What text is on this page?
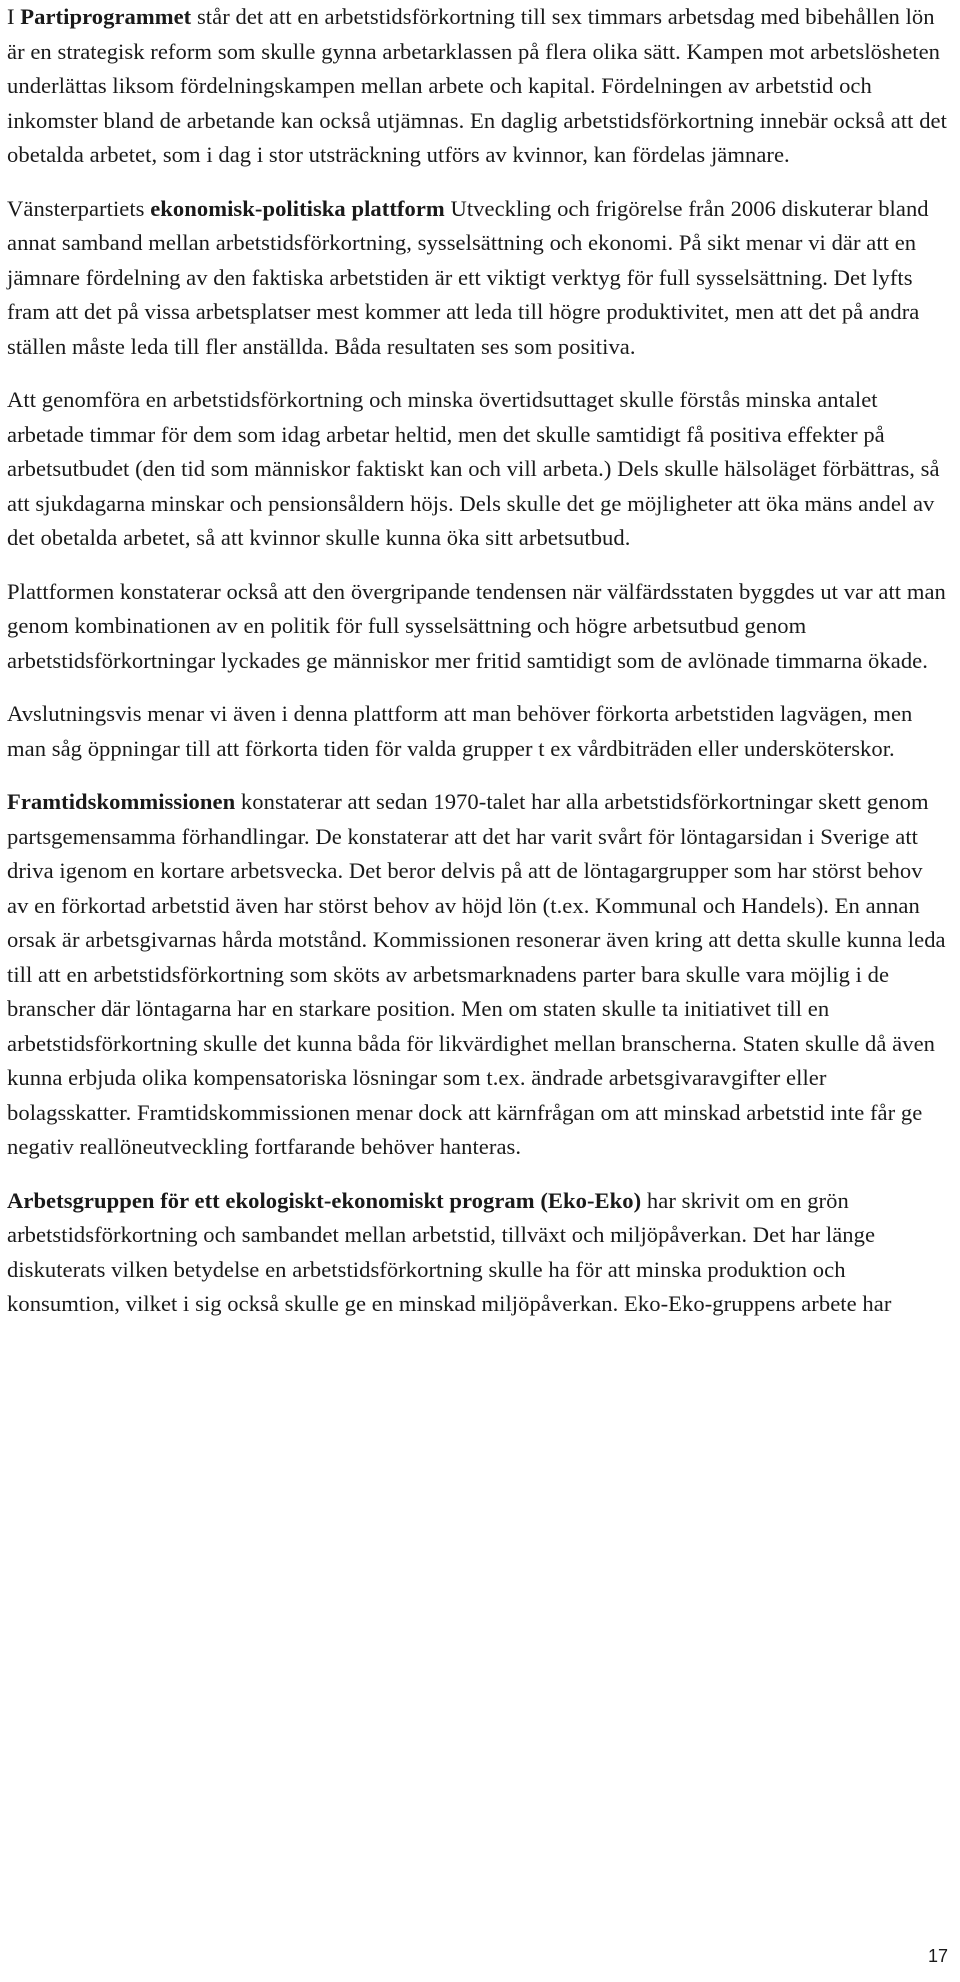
I Partiprogrammet står det att en arbetstidsförkortning till sex timmars arbetsdag med bibehållen lön är en strategisk reform som skulle gynna arbetarklassen på flera olika sätt. Kampen mot arbetslösheten underlättas liksom fördelningskampen mellan arbete och kapital. Fördelningen av arbetstid och inkomster bland de arbetande kan också utjämnas. En daglig arbetstidsförkortning innebär också att det obetalda arbetet, som i dag i stor utsträckning utförs av kvinnor, kan fördelas jämnare.

Vänsterpartiets ekonomisk-politiska plattform Utveckling och frigörelse från 2006 diskuterar bland annat samband mellan arbetstidsförkortning, sysselsättning och ekonomi. På sikt menar vi där att en jämnare fördelning av den faktiska arbetstiden är ett viktigt verktyg för full sysselsättning. Det lyfts fram att det på vissa arbetsplatser mest kommer att leda till högre produktivitet, men att det på andra ställen måste leda till fler anställda. Båda resultaten ses som positiva.

Att genomföra en arbetstidsförkortning och minska övertidsuttaget skulle förstås minska antalet arbetade timmar för dem som idag arbetar heltid, men det skulle samtidigt få positiva effekter på arbetsutbudet (den tid som människor faktiskt kan och vill arbeta.) Dels skulle hälsoläget förbättras, så att sjukdagarna minskar och pensionsåldern höjs. Dels skulle det ge möjligheter att öka mäns andel av det obetalda arbetet, så att kvinnor skulle kunna öka sitt arbetsutbud.

Plattformen konstaterar också att den övergripande tendensen när välfärdsstaten byggdes ut var att man genom kombinationen av en politik för full sysselsättning och högre arbetsutbud genom arbetstidsförkortningar lyckades ge människor mer fritid samtidigt som de avlönade timmarna ökade.

Avslutningsvis menar vi även i denna plattform att man behöver förkorta arbetstiden lagvägen, men man såg öppningar till att förkorta tiden för valda grupper t ex vårdbiträden eller undersköterskor.

Framtidskommissionen konstaterar att sedan 1970-talet har alla arbetstidsförkortningar skett genom partsgemensamma förhandlingar. De konstaterar att det har varit svårt för löntagarsidan i Sverige att driva igenom en kortare arbetsvecka. Det beror delvis på att de löntagargrupper som har störst behov av en förkortad arbetstid även har störst behov av höjd lön (t.ex. Kommunal och Handels). En annan orsak är arbetsgivarnas hårda motstånd. Kommissionen resonerar även kring att detta skulle kunna leda till att en arbetstidsförkortning som sköts av arbetsmarknadens parter bara skulle vara möjlig i de branscher där löntagarna har en starkare position. Men om staten skulle ta initiativet till en arbetstidsförkortning skulle det kunna båda för likvärdighet mellan branscherna. Staten skulle då även kunna erbjuda olika kompensatoriska lösningar som t.ex. ändrade arbetsgivaravgifter eller bolagsskatter. Framtidskommissionen menar dock att kärnfrågan om att minskad arbetstid inte får ge negativ reallöneutveckling fortfarande behöver hanteras.

Arbetsgruppen för ett ekologiskt-ekonomiskt program (Eko-Eko) har skrivit om en grön arbetstidsförkortning och sambandet mellan arbetstid, tillväxt och miljöpåverkan. Det har länge diskuterats vilken betydelse en arbetstidsförkortning skulle ha för att minska produktion och konsumtion, vilket i sig också skulle ge en minskad miljöpåverkan. Eko-Eko-gruppens arbete har

17
